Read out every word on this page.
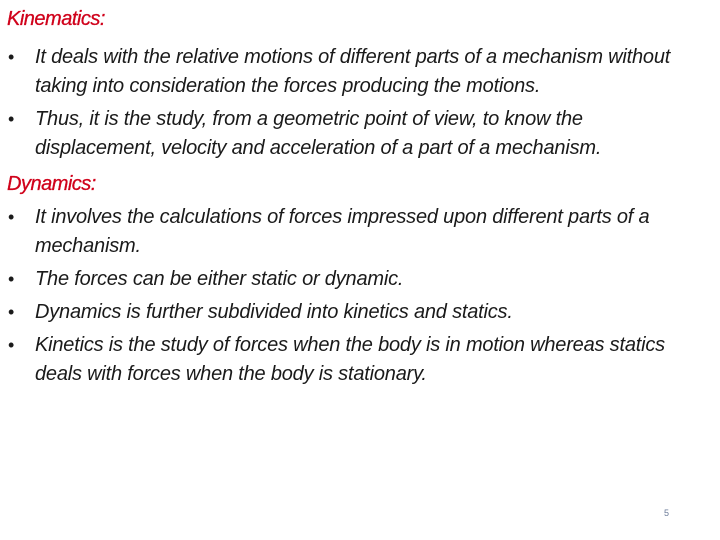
Kinematics:
• It deals with the relative motions of different parts of a mechanism without taking into consideration the forces producing the motions.
• Thus, it is the study, from a geometric point of view, to know the displacement, velocity and acceleration of a part of a mechanism.
Dynamics:
• It involves the calculations of forces impressed upon different parts of a mechanism.
• The forces can be either static or dynamic.
• Dynamics is further subdivided into kinetics and statics.
• Kinetics is the study of forces when the body is in motion whereas statics deals with forces when the body is stationary.
5
